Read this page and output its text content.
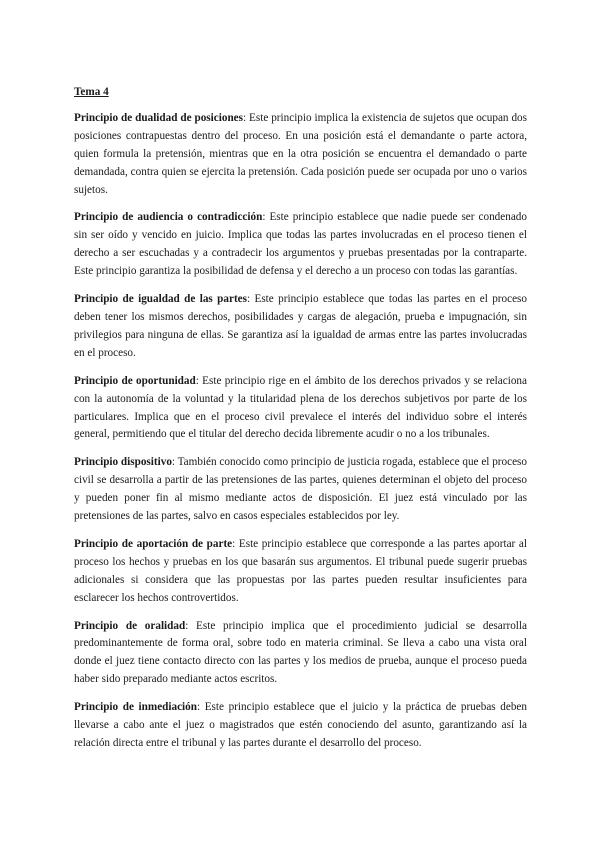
Tema 4

Principio de dualidad de posiciones: Este principio implica la existencia de sujetos que ocupan dos posiciones contrapuestas dentro del proceso. En una posición está el demandante o parte actora, quien formula la pretensión, mientras que en la otra posición se encuentra el demandado o parte demandada, contra quien se ejercita la pretensión. Cada posición puede ser ocupada por uno o varios sujetos.

Principio de audiencia o contradicción: Este principio establece que nadie puede ser condenado sin ser oído y vencido en juicio. Implica que todas las partes involucradas en el proceso tienen el derecho a ser escuchadas y a contradecir los argumentos y pruebas presentadas por la contraparte. Este principio garantiza la posibilidad de defensa y el derecho a un proceso con todas las garantías.

Principio de igualdad de las partes: Este principio establece que todas las partes en el proceso deben tener los mismos derechos, posibilidades y cargas de alegación, prueba e impugnación, sin privilegios para ninguna de ellas. Se garantiza así la igualdad de armas entre las partes involucradas en el proceso.

Principio de oportunidad: Este principio rige en el ámbito de los derechos privados y se relaciona con la autonomía de la voluntad y la titularidad plena de los derechos subjetivos por parte de los particulares. Implica que en el proceso civil prevalece el interés del individuo sobre el interés general, permitiendo que el titular del derecho decida libremente acudir o no a los tribunales.

Principio dispositivo: También conocido como principio de justicia rogada, establece que el proceso civil se desarrolla a partir de las pretensiones de las partes, quienes determinan el objeto del proceso y pueden poner fin al mismo mediante actos de disposición. El juez está vinculado por las pretensiones de las partes, salvo en casos especiales establecidos por ley.

Principio de aportación de parte: Este principio establece que corresponde a las partes aportar al proceso los hechos y pruebas en los que basarán sus argumentos. El tribunal puede sugerir pruebas adicionales si considera que las propuestas por las partes pueden resultar insuficientes para esclarecer los hechos controvertidos.

Principio de oralidad: Este principio implica que el procedimiento judicial se desarrolla predominantemente de forma oral, sobre todo en materia criminal. Se lleva a cabo una vista oral donde el juez tiene contacto directo con las partes y los medios de prueba, aunque el proceso pueda haber sido preparado mediante actos escritos.

Principio de inmediación: Este principio establece que el juicio y la práctica de pruebas deben llevarse a cabo ante el juez o magistrados que estén conociendo del asunto, garantizando así la relación directa entre el tribunal y las partes durante el desarrollo del proceso.
